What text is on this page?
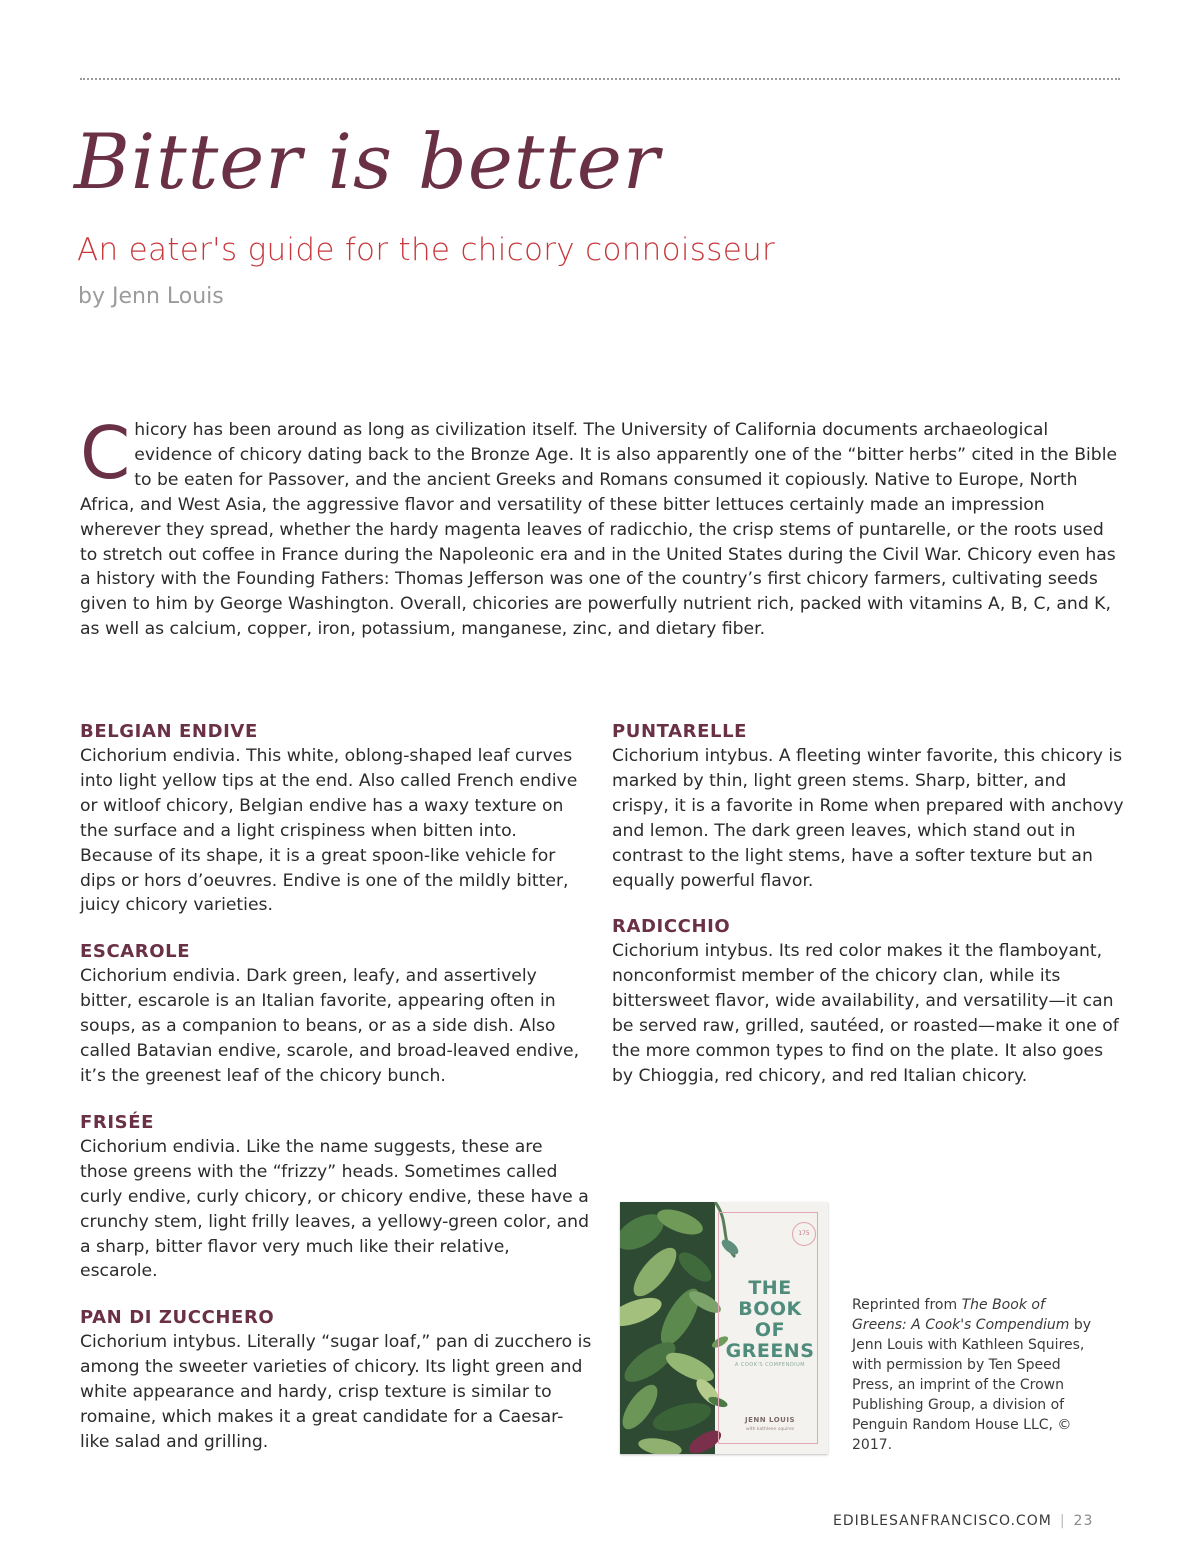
Bitter is better
An eater's guide for the chicory connoisseur
by Jenn Louis
Chicory has been around as long as civilization itself. The University of California documents archaeological evidence of chicory dating back to the Bronze Age. It is also apparently one of the “bitter herbs” cited in the Bible to be eaten for Passover, and the ancient Greeks and Romans consumed it copiously. Native to Europe, North Africa, and West Asia, the aggressive flavor and versatility of these bitter lettuces certainly made an impression wherever they spread, whether the hardy magenta leaves of radicchio, the crisp stems of puntarelle, or the roots used to stretch out coffee in France during the Napoleonic era and in the United States during the Civil War. Chicory even has a history with the Founding Fathers: Thomas Jefferson was one of the country’s first chicory farmers, cultivating seeds given to him by George Washington. Overall, chicories are powerfully nutrient rich, packed with vitamins A, B, C, and K, as well as calcium, copper, iron, potassium, manganese, zinc, and dietary fiber.
BELGIAN ENDIVE
Cichorium endivia. This white, oblong-shaped leaf curves into light yellow tips at the end. Also called French endive or witloof chicory, Belgian endive has a waxy texture on the surface and a light crispiness when bitten into. Because of its shape, it is a great spoon-like vehicle for dips or hors d’oeuvres. Endive is one of the mildly bitter, juicy chicory varieties.
ESCAROLE
Cichorium endivia. Dark green, leafy, and assertively bitter, escarole is an Italian favorite, appearing often in soups, as a companion to beans, or as a side dish. Also called Batavian endive, scarole, and broad-leaved endive, it’s the greenest leaf of the chicory bunch.
FRISÉE
Cichorium endivia. Like the name suggests, these are those greens with the “frizzy” heads. Sometimes called curly endive, curly chicory, or chicory endive, these have a crunchy stem, light frilly leaves, a yellowy-green color, and a sharp, bitter flavor very much like their relative, escarole.
PAN DI ZUCCHERO
Cichorium intybus. Literally “sugar loaf,” pan di zucchero is among the sweeter varieties of chicory. Its light green and white appearance and hardy, crisp texture is similar to romaine, which makes it a great candidate for a Caesar-like salad and grilling.
PUNTARELLE
Cichorium intybus. A fleeting winter favorite, this chicory is marked by thin, light green stems. Sharp, bitter, and crispy, it is a favorite in Rome when prepared with anchovy and lemon. The dark green leaves, which stand out in contrast to the light stems, have a softer texture but an equally powerful flavor.
RADICCHIO
Cichorium intybus. Its red color makes it the flamboyant, nonconformist member of the chicory clan, while its bittersweet flavor, wide availability, and versatility—it can be served raw, grilled, sautéed, or roasted—make it one of the more common types to find on the plate. It also goes by Chioggia, red chicory, and red Italian chicory.
175
THE
BOOK
OF
GREENS
A COOK'S COMPENDIUM
JENN LOUIS
with kathleen squires
Reprinted from The Book of Greens: A Cook's Compendium by Jenn Louis with Kathleen Squires, with permission by Ten Speed Press, an imprint of the Crown Publishing Group, a division of Penguin Random House LLC, © 2017.
EDIBLESANFRANCISCO.COM | 23
